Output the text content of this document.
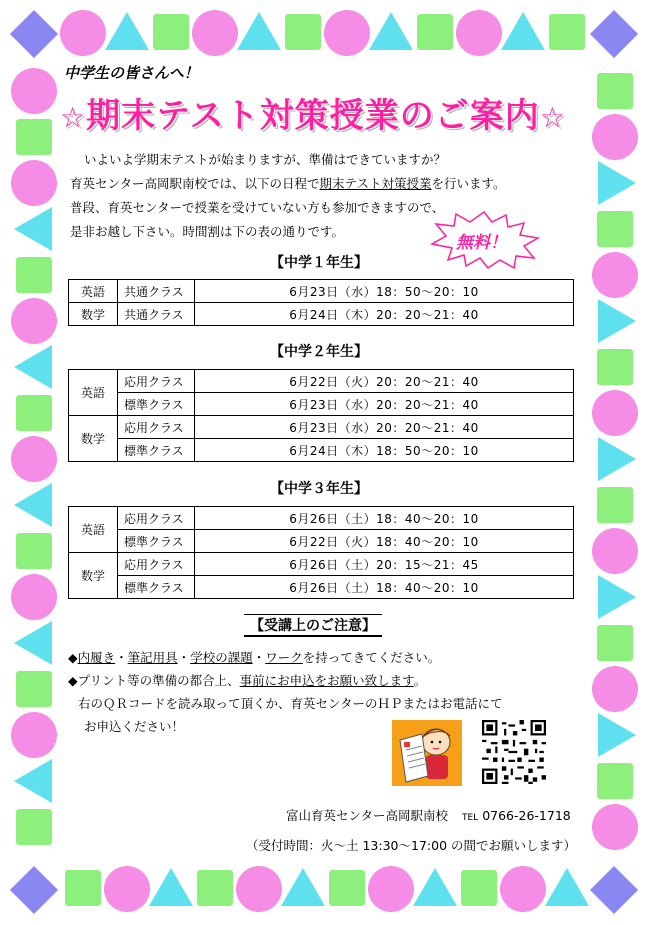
中学生の皆さんへ！
☆期末テスト対策授業のご案内☆
いよいよ学期末テストが始まりますが、準備はできていますか？
育英センター高岡駅南校では、以下の日程で期末テスト対策授業を行います。
普段、育英センターで授業を受けていない方も参加できますので、
是非お越し下さい。時間割は下の表の通りです。
無料！
【中学１年生】
英語	共通クラス	6月23日（水）18：50〜20：10
数学	共通クラス	6月24日（木）20：20〜21：40
【中学２年生】
英語	応用クラス	6月22日（火）20：20〜21：40
	標準クラス	6月23日（水）20：20〜21：40
数学	応用クラス	6月23日（水）20：20〜21：40
	標準クラス	6月24日（木）18：50〜20：10
【中学３年生】
英語	応用クラス	6月26日（土）18：40〜20：10
	標準クラス	6月22日（火）18：40〜20：10
数学	応用クラス	6月26日（土）20：15〜21：45
	標準クラス	6月26日（土）18：40〜20：10
【受講上のご注意】
◆内履き・筆記用具・学校の課題・ワークを持ってきてください。
◆プリント等の準備の都合上、事前にお申込をお願い致します。
右のＱＲコードを読み取って頂くか、育英センターのＨＰまたはお電話にて
お申込ください！
富山育英センター高岡駅南校 TEL 0766-26-1718
（受付時間：火〜土 13:30〜17:00 の間でお願いします）
